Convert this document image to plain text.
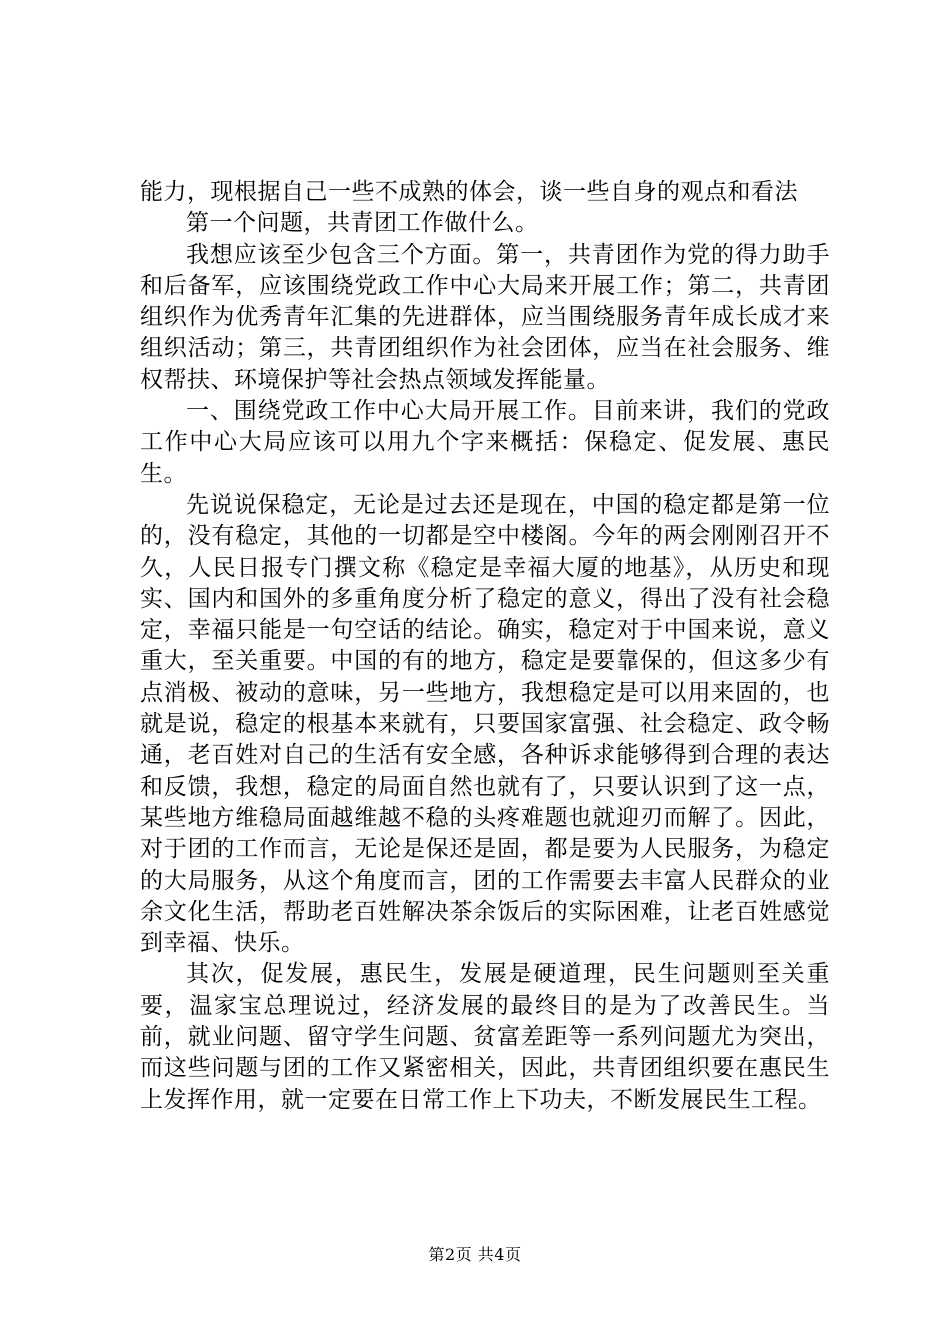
能力，现根据自己一些不成熟的体会，谈一些自身的观点和看法

第一个问题，共青团工作做什么。

我想应该至少包含三个方面。第一，共青团作为党的得力助手和后备军，应该围绕党政工作中心大局来开展工作；第二，共青团组织作为优秀青年汇集的先进群体，应当围绕服务青年成长成才来组织活动；第三，共青团组织作为社会团体，应当在社会服务、维权帮扶、环境保护等社会热点领域发挥能量。

一、围绕党政工作中心大局开展工作。目前来讲，我们的党政工作中心大局应该可以用九个字来概括：保稳定、促发展、惠民生。

先说说保稳定，无论是过去还是现在，中国的稳定都是第一位的，没有稳定，其他的一切都是空中楼阁。今年的两会刚刚召开不久，人民日报专门撰文称《稳定是幸福大厦的地基》，从历史和现实、国内和国外的多重角度分析了稳定的意义，得出了没有社会稳定，幸福只能是一句空话的结论。确实，稳定对于中国来说，意义重大，至关重要。中国的有的地方，稳定是要靠保的，但这多少有点消极、被动的意味，另一些地方，我想稳定是可以用来固的，也就是说，稳定的根基本来就有，只要国家富强、社会稳定、政令畅通，老百姓对自己的生活有安全感，各种诉求能够得到合理的表达和反馈，我想，稳定的局面自然也就有了，只要认识到了这一点，某些地方维稳局面越维越不稳的头疼难题也就迎刃而解了。因此，对于团的工作而言，无论是保还是固，都是要为人民服务，为稳定的大局服务，从这个角度而言，团的工作需要去丰富人民群众的业余文化生活，帮助老百姓解决茶余饭后的实际困难，让老百姓感觉到幸福、快乐。

其次，促发展，惠民生，发展是硬道理，民生问题则至关重要，温家宝总理说过，经济发展的最终目的是为了改善民生。当前，就业问题、留守学生问题、贫富差距等一系列问题尤为突出，而这些问题与团的工作又紧密相关，因此，共青团组织要在惠民生上发挥作用，就一定要在日常工作上下功夫，不断发展民生工程。

第2页 共4页
